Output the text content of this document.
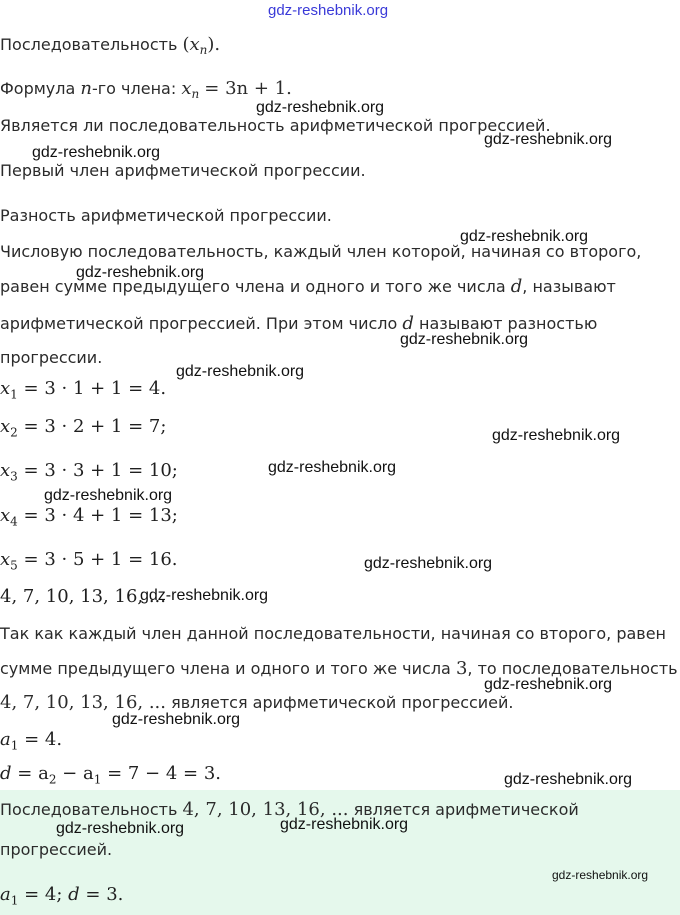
gdz-reshebnik.org
Последовательность $(x_n)$.
Формула n-го члена: $x_n = 3n + 1$.
gdz-reshebnik.org
Является ли последовательность арифметической прогрессией.
gdz-reshebnik.org
gdz-reshebnik.org
Первый член арифметической прогрессии.
Разность арифметической прогрессии.
gdz-reshebnik.org
Числовую последовательность, каждый член которой, начиная со второго,
gdz-reshebnik.org
равен сумме предыдущего члена и одного и того же числа d, называют
арифметической прогрессией. При этом число d называют разностью
gdz-reshebnik.org
прогрессии.
gdz-reshebnik.org
$x_1 = 3 \cdot 1 + 1 = 4$.
$x_2 = 3 \cdot 2 + 1 = 7$;	gdz-reshebnik.org
gdz-reshebnik.org
$x_3 = 3 \cdot 3 + 1 = 10$;
gdz-reshebnik.org
$x_4 = 3 \cdot 4 + 1 = 13$;
$x_5 = 3 \cdot 5 + 1 = 16$.	gdz-reshebnik.org
4, 7, 10, 13, 16, ...
gdz-reshebnik.org
Так как каждый член данной последовательности, начиная со второго, равен
сумме предыдущего члена и одного и того же числа 3, то последовательность
gdz-reshebnik.org
4, 7, 10, 13, 16, ... является арифметической прогрессией.
gdz-reshebnik.org
$a_1 = 4$.
$d = a_2 - a_1 = 7 - 4 = 3$.	gdz-reshebnik.org
Последовательность 4, 7, 10, 13, 16, ... является арифметической
gdz-reshebnik.org	gdz-reshebnik.org
прогрессией.
gdz-reshebnik.org
$a_1 = 4$; d = 3.
